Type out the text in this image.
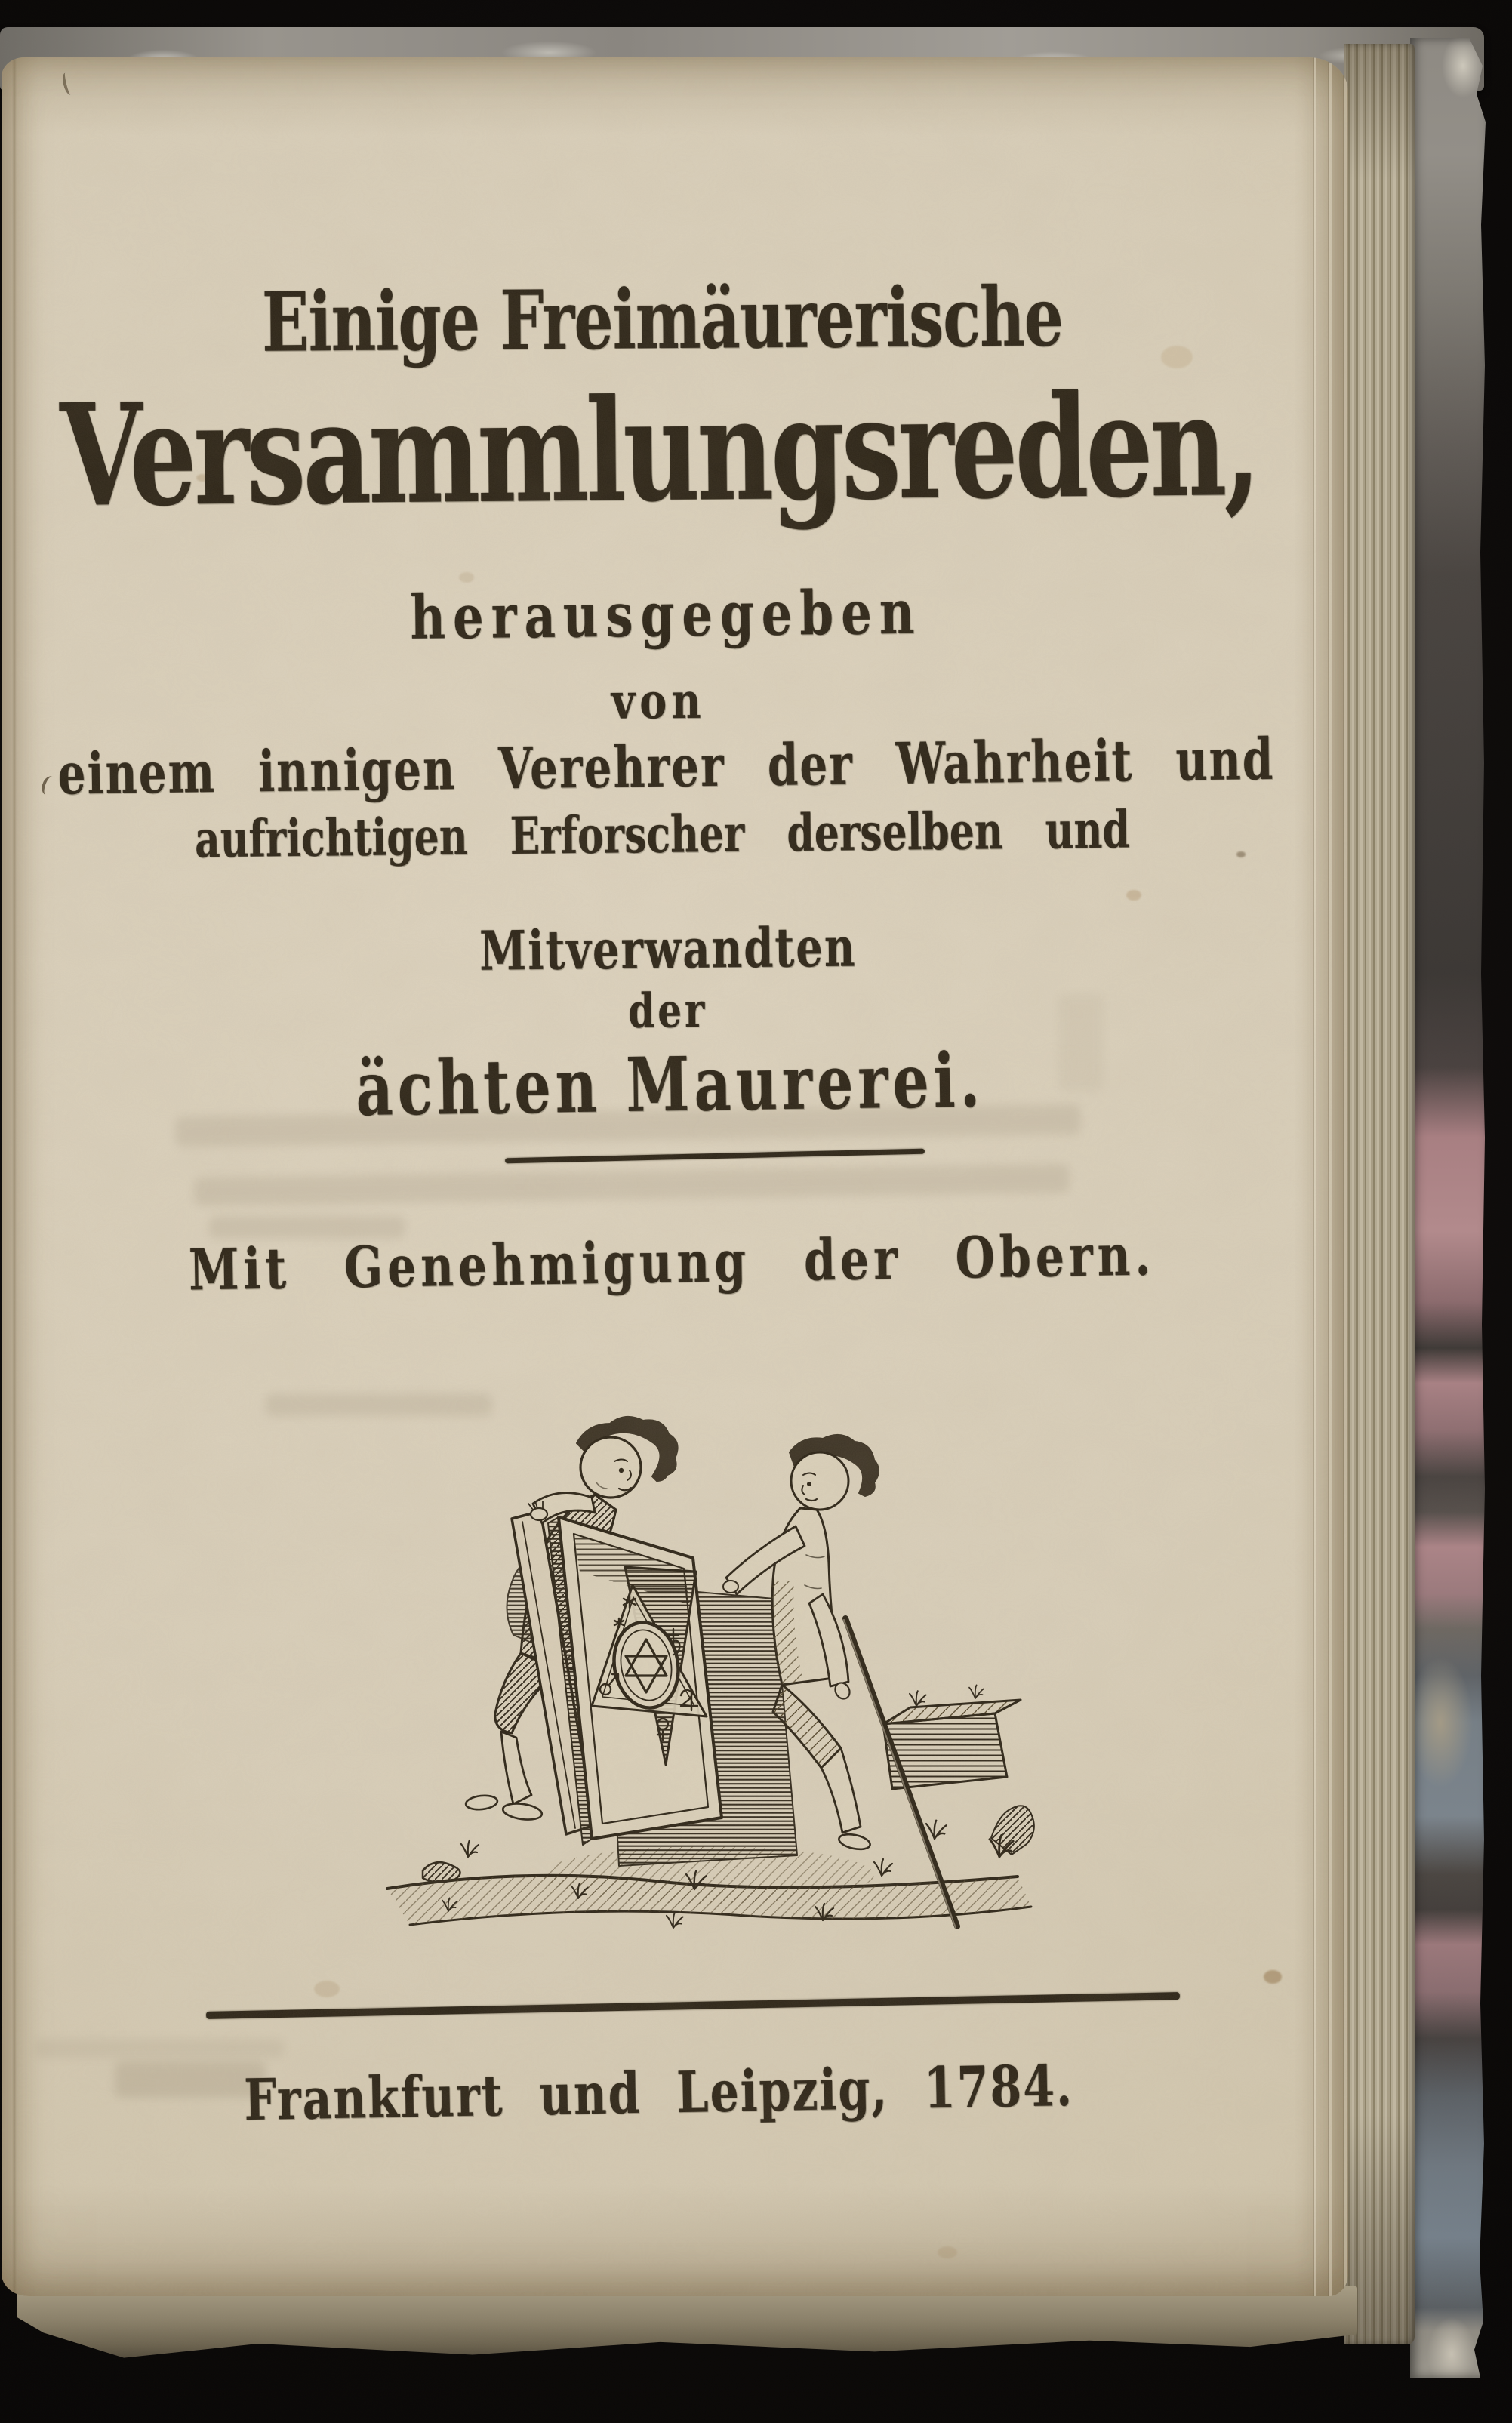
Einige Freimäurerische
Versammlungsreden,
herausgegeben
von
einem innigen Verehrer der Wahrheit und
aufrichtigen Erforscher derselben und
Mitverwandten
der
ächten Maurerei.
Mit Genehmigung der Obern.
Frankfurt und Leipzig, 1784.
